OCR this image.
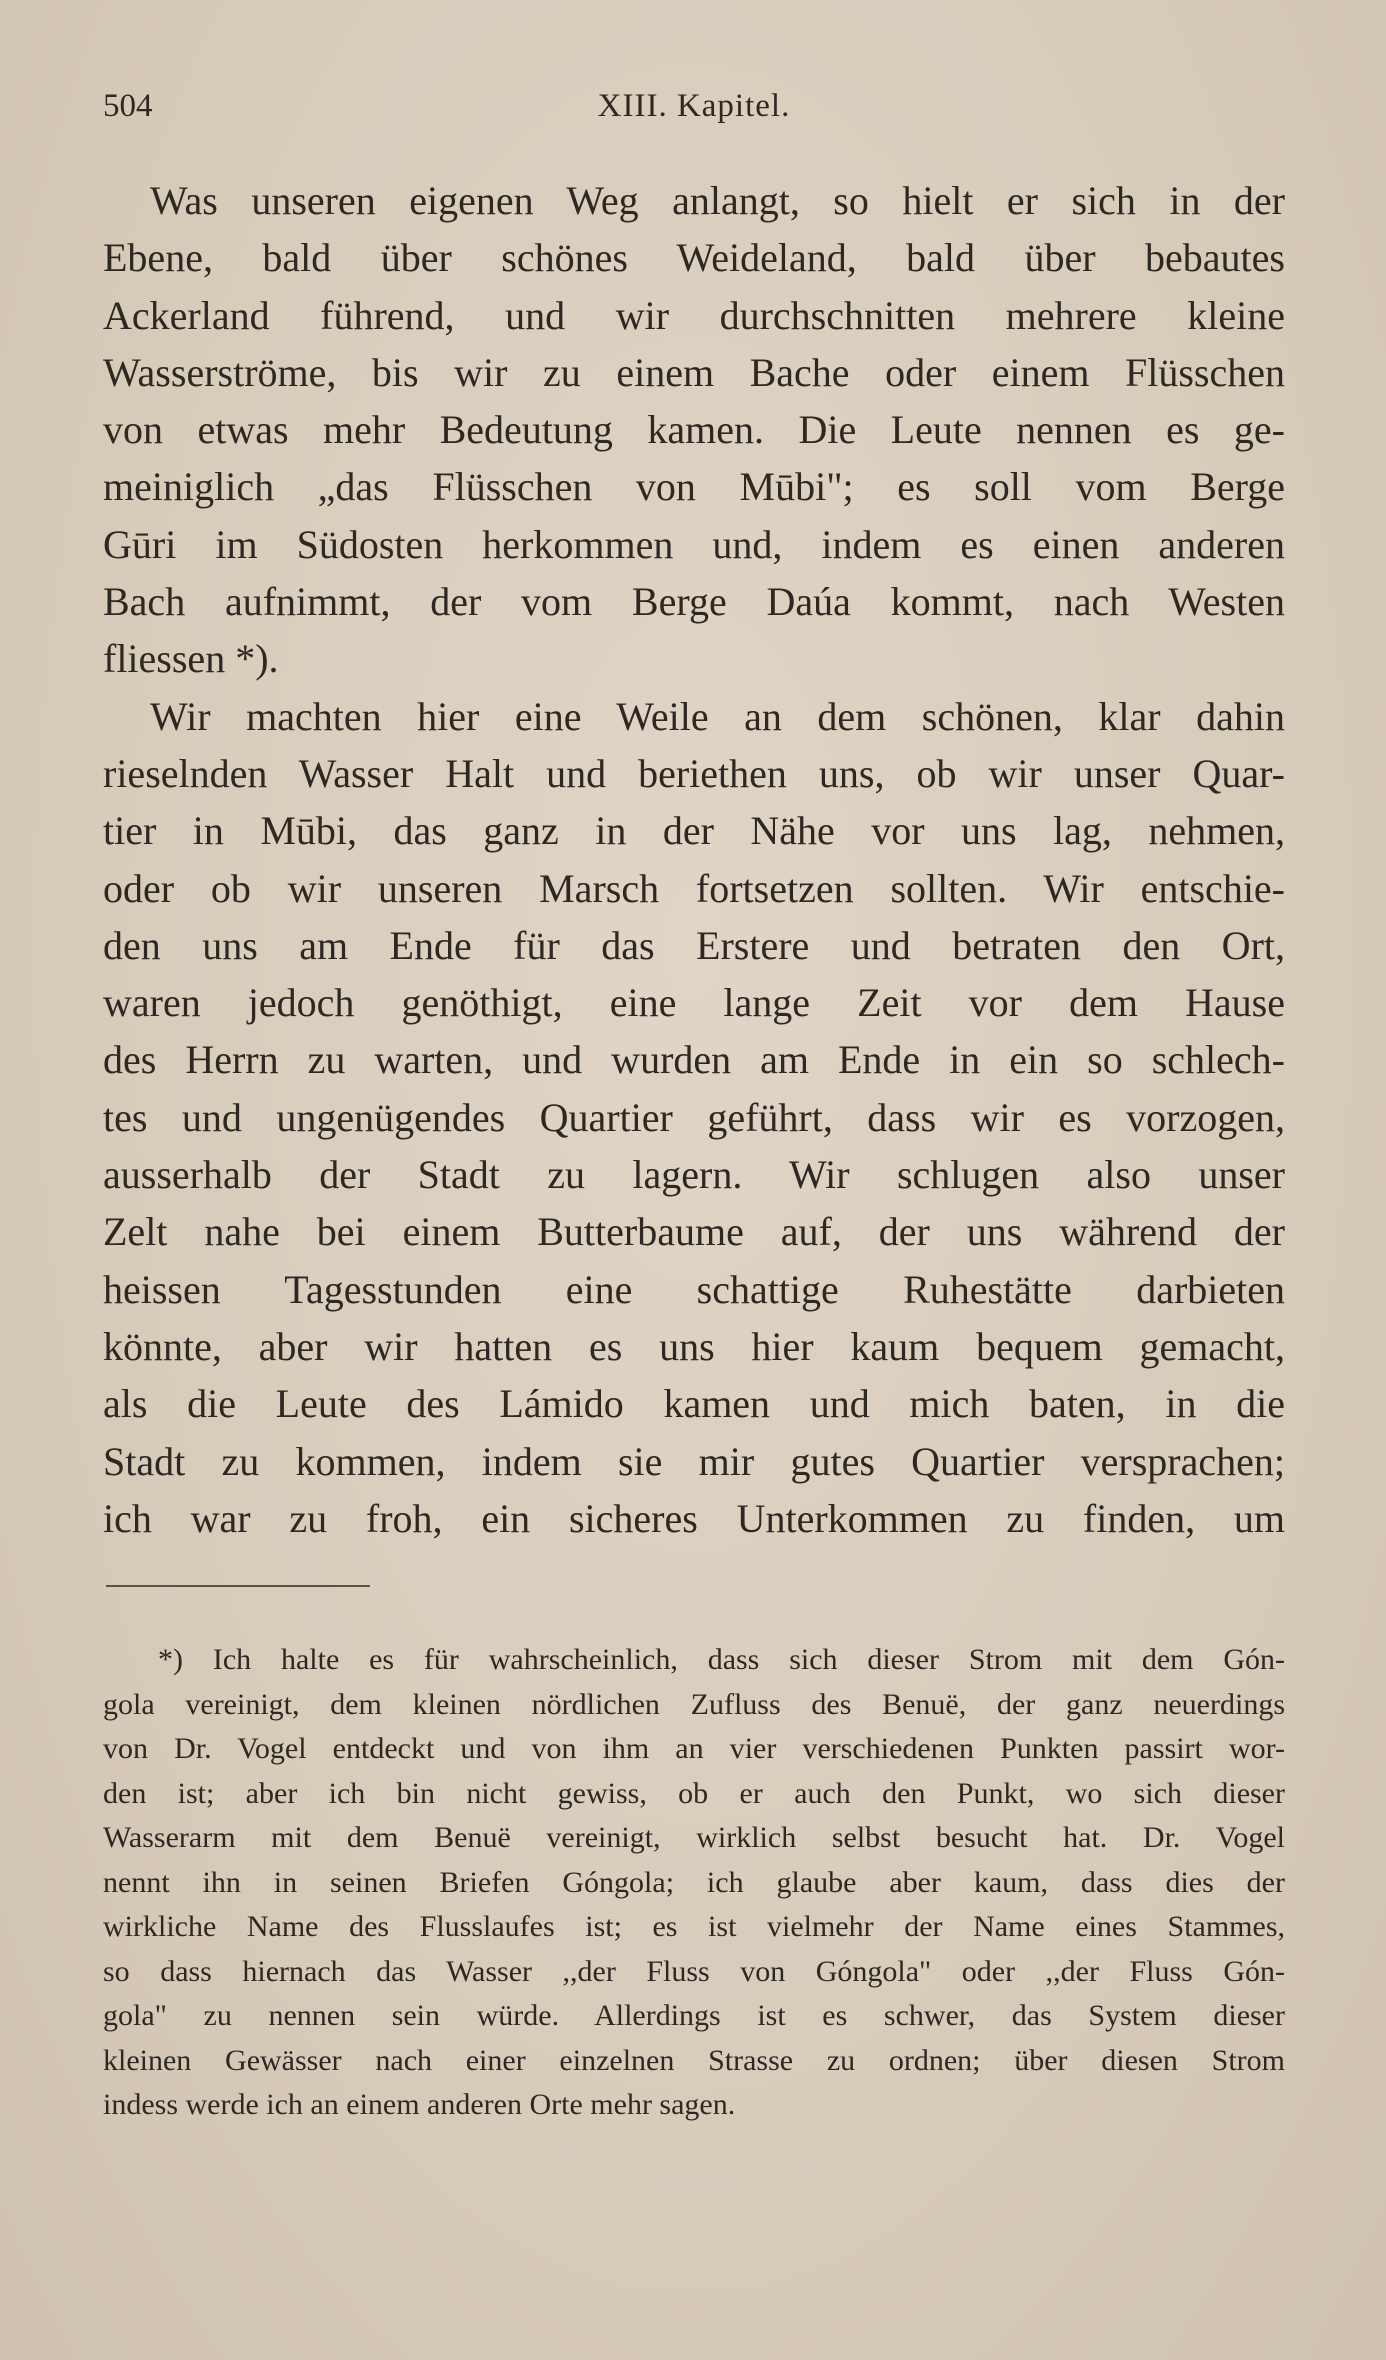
504	XIII. Kapitel.
Was unseren eigenen Weg anlangt, so hielt er sich in der
Ebene, bald über schönes Weideland, bald über bebautes
Ackerland führend, und wir durchschnitten mehrere kleine
Wasserströme, bis wir zu einem Bache oder einem Flüsschen
von etwas mehr Bedeutung kamen. Die Leute nennen es ge-
meiniglich „das Flüsschen von Mūbi"; es soll vom Berge
Gūri im Südosten herkommen und, indem es einen anderen
Bach aufnimmt, der vom Berge Daúa kommt, nach Westen
fliessen *).
Wir machten hier eine Weile an dem schönen, klar dahin
rieselnden Wasser Halt und beriethen uns, ob wir unser Quar-
tier in Mūbi, das ganz in der Nähe vor uns lag, nehmen,
oder ob wir unseren Marsch fortsetzen sollten. Wir entschie-
den uns am Ende für das Erstere und betraten den Ort,
waren jedoch genöthigt, eine lange Zeit vor dem Hause
des Herrn zu warten, und wurden am Ende in ein so schlech-
tes und ungenügendes Quartier geführt, dass wir es vorzogen,
ausserhalb der Stadt zu lagern. Wir schlugen also unser
Zelt nahe bei einem Butterbaume auf, der uns während der
heissen Tagesstunden eine schattige Ruhestätte darbieten
könnte, aber wir hatten es uns hier kaum bequem gemacht,
als die Leute des Lámido kamen und mich baten, in die
Stadt zu kommen, indem sie mir gutes Quartier versprachen;
ich war zu froh, ein sicheres Unterkommen zu finden, um
*) Ich halte es für wahrscheinlich, dass sich dieser Strom mit dem Gón-
gola vereinigt, dem kleinen nördlichen Zufluss des Benuë, der ganz neuerdings
von Dr. Vogel entdeckt und von ihm an vier verschiedenen Punkten passirt wor-
den ist; aber ich bin nicht gewiss, ob er auch den Punkt, wo sich dieser
Wasserarm mit dem Benuë vereinigt, wirklich selbst besucht hat. Dr. Vogel
nennt ihn in seinen Briefen Góngola; ich glaube aber kaum, dass dies der
wirkliche Name des Flusslaufes ist; es ist vielmehr der Name eines Stammes,
so dass hiernach das Wasser ,,der Fluss von Góngola" oder ,,der Fluss Gón-
gola" zu nennen sein würde. Allerdings ist es schwer, das System dieser
kleinen Gewässer nach einer einzelnen Strasse zu ordnen; über diesen Strom
indess werde ich an einem anderen Orte mehr sagen.
